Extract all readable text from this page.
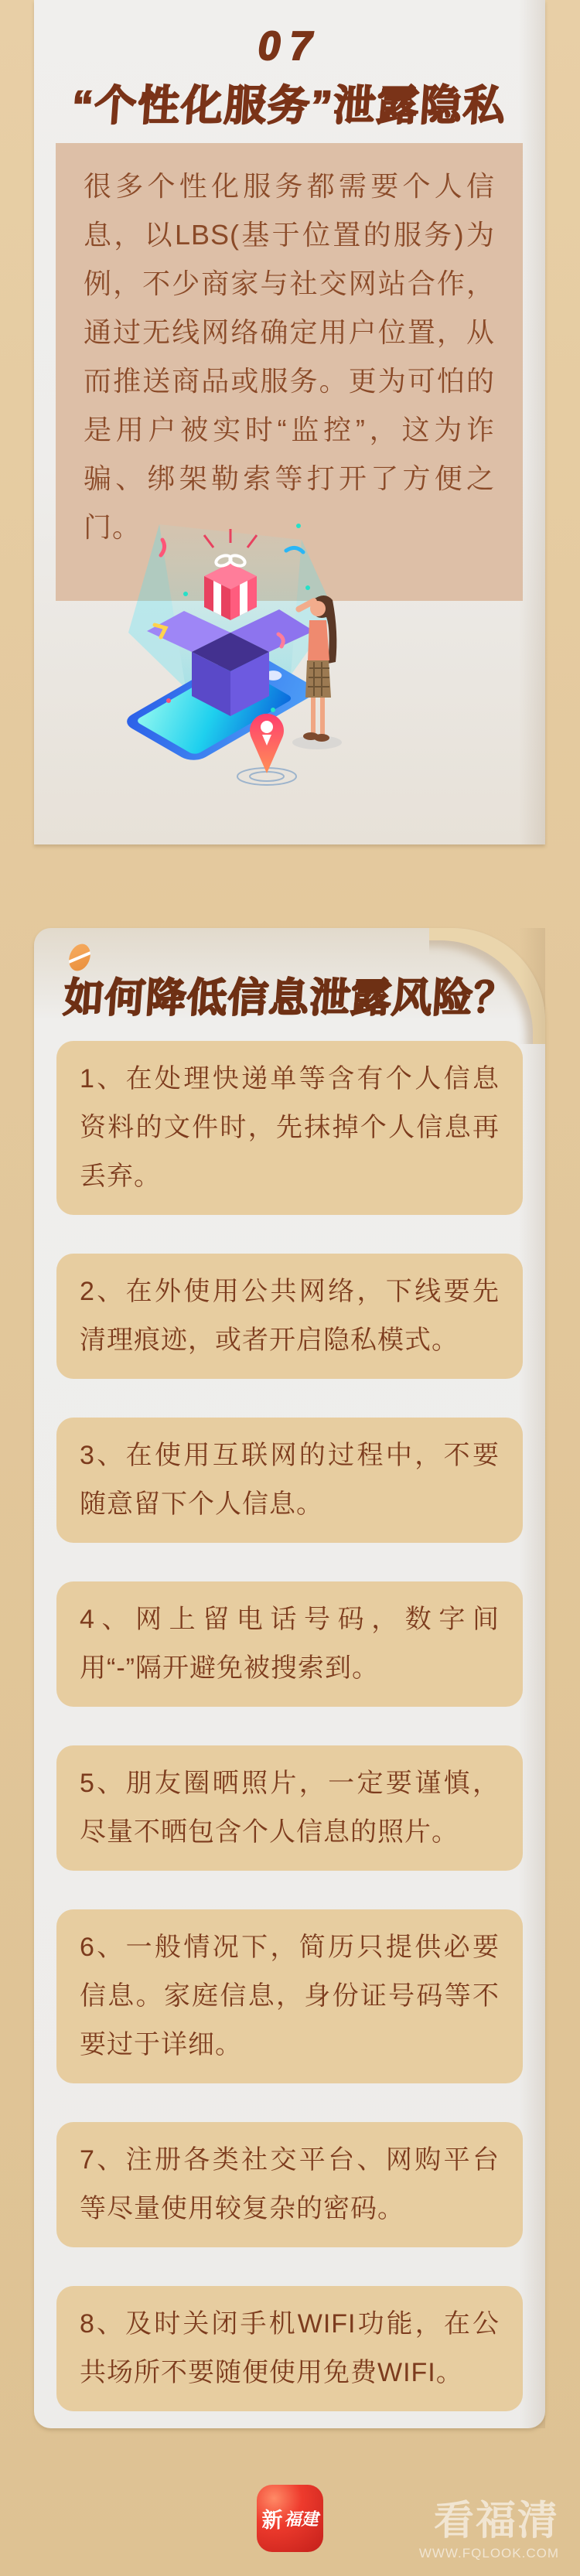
07
“个性化服务”泄露隐私
很多个性化服务都需要个人信息，以LBS(基于位置的服务)为例，不少商家与社交网站合作，通过无线网络确定用户位置，从而推送商品或服务。更为可怕的是用户被实时“监控”，这为诈骗、绑架勒索等打开了方便之门。
如何降低信息泄露风险？
1、在处理快递单等含有个人信息资料的文件时，先抹掉个人信息再丢弃。
2、在外使用公共网络，下线要先清理痕迹，或者开启隐私模式。
3、在使用互联网的过程中，不要随意留下个人信息。
4、网上留电话号码，数字间用“-”隔开避免被搜索到。
5、朋友圈晒照片，一定要谨慎，尽量不晒包含个人信息的照片。
6、一般情况下，简历只提供必要信息。家庭信息，身份证号码等不要过于详细。
7、注册各类社交平台、网购平台等尽量使用较复杂的密码。
8、及时关闭手机WIFI功能，在公共场所不要随便使用免费WIFI。
新 福建	看福清
WWW.FQLOOK.COM
